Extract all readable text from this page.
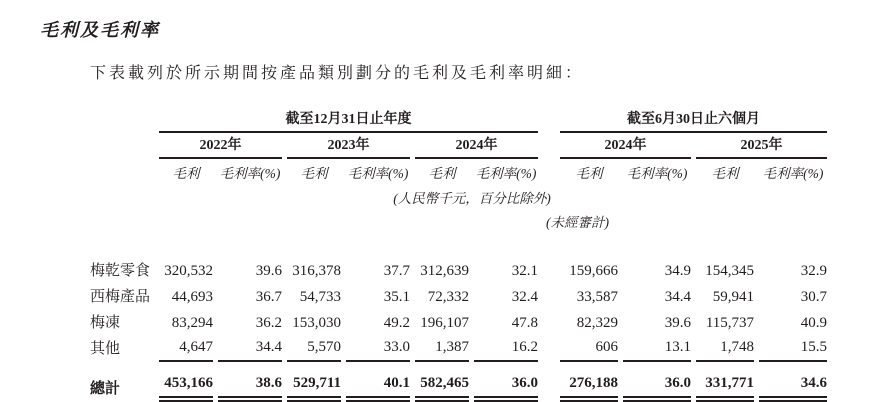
毛利及毛利率
下表載列於所示期間按產品類別劃分的毛利及毛利率明細：
	截至12月31日止年度							截至6月30日止六個月			
	2022年		2023年		2024年			2024年		2025年	
	毛利	毛利率(%)	毛利	毛利率(%)	毛利	毛利率(%)		毛利	毛利率(%)	毛利	毛利率(%)
	(人民幣千元，百分比除外)										
								(未經審計)			

梅乾零食	320,532	39.6	316,378	37.7	312,639	32.1		159,666	34.9	154,345	32.9
西梅產品	44,693	36.7	54,733	35.1	72,332	32.4		33,587	34.4	59,941	30.7
梅凍	83,294	36.2	153,030	49.2	196,107	47.8		82,329	39.6	115,737	40.9
其他	4,647	34.4	5,570	33.0	1,387	16.2		606	13.1	1,748	15.5

總計	453,166	38.6	529,711	40.1	582,465	36.0		276,188	36.0	331,771	34.6
